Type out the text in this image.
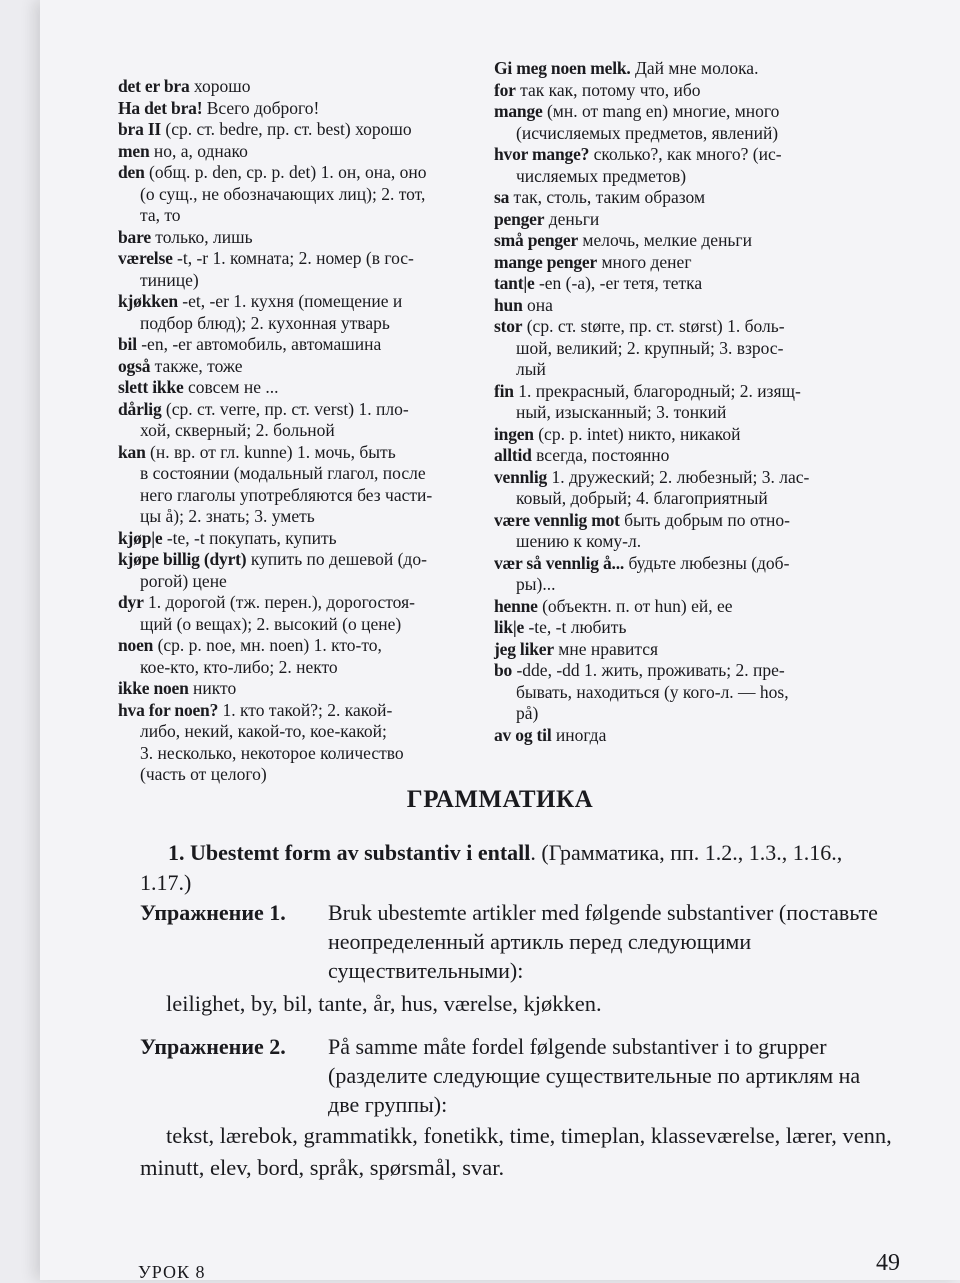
det er bra хорошо
Ha det bra! Всего доброго!
bra II (ср. ст. bedre, пр. ст. best) хорошо
men но, а, однако
den (общ. р. den, ср. р. det) 1. он, она, оно
(о сущ., не обозначающих лиц); 2. тот,
та, то
bare только, лишь
værelse -t, -r 1. комната; 2. номер (в гос-
тинице)
kjøkken -et, -er 1. кухня (помещение и
подбор блюд); 2. кухонная утварь
bil -en, -er автомобиль, автомашина
også также, тоже
slett ikke совсем не ...
dårlig (ср. ст. verre, пр. ст. verst) 1. пло-
хой, скверный; 2. больной
kan (н. вр. от гл. kunne) 1. мочь, быть
в состоянии (модальный глагол, после
него глаголы употребляются без части-
цы å); 2. знать; 3. уметь
kjøp|e -te, -t покупать, купить
kjøpe billig (dyrt) купить по дешевой (до-
рогой) цене
dyr 1. дорогой (тж. перен.), дорогостоя-
щий (о вещах); 2. высокий (о цене)
noen (ср. р. noe, мн. noen) 1. кто-то,
кое-кто, кто-либо; 2. некто
ikke noen никто
hva for noen? 1. кто такой?; 2. какой-
либо, некий, какой-то, кое-какой;
3. несколько, некоторое количество
(часть от целого)
Gi meg noen melk. Дай мне молока.
for так как, потому что, ибо
mange (мн. от mang en) многие, много
(исчисляемых предметов, явлений)
hvor mange? сколько?, как много? (ис-
числяемых предметов)
sa так, столь, таким образом
penger деньги
små penger мелочь, мелкие деньги
mange penger много денег
tant|e -en (-a), -er тетя, тетка
hun она
stor (ср. ст. større, пр. ст. størst) 1. боль-
шой, великий; 2. крупный; 3. взрос-
лый
fin 1. прекрасный, благородный; 2. изящ-
ный, изысканный; 3. тонкий
ingen (ср. р. intet) никто, никакой
alltid всегда, постоянно
vennlig 1. дружеский; 2. любезный; 3. лас-
ковый, добрый; 4. благоприятный
være vennlig mot быть добрым по отно-
шению к кому-л.
vær så vennlig å... будьте любезны (доб-
ры)...
henne (объектн. п. от hun) ей, ее
lik|e -te, -t любить
jeg liker мне нравится
bo -dde, -dd 1. жить, проживать; 2. пре-
бывать, находиться (у кого-л. — hos,
på)
av og til иногда
ГРАММАТИКА
1. Ubestemt form av substantiv i entall. (Грамматика, пп. 1.2., 1.3., 1.16., 1.17.)
Упражнение 1.	Bruk ubestemte artikler med følgende substantiver (поставьте неопределенный артикль перед следующими существительными):
leilighet, by, bil, tante, år, hus, værelse, kjøkken.
Упражнение 2.	På samme måte fordel følgende substantiver i to grupper (разделите следующие существительные по артиклям на две группы):
tekst, lærebok, grammatikk, fonetikk, time, timeplan, klasseværelse, lærer, venn, minutt, elev, bord, språk, spørsmål, svar.
УРОК 8	49
